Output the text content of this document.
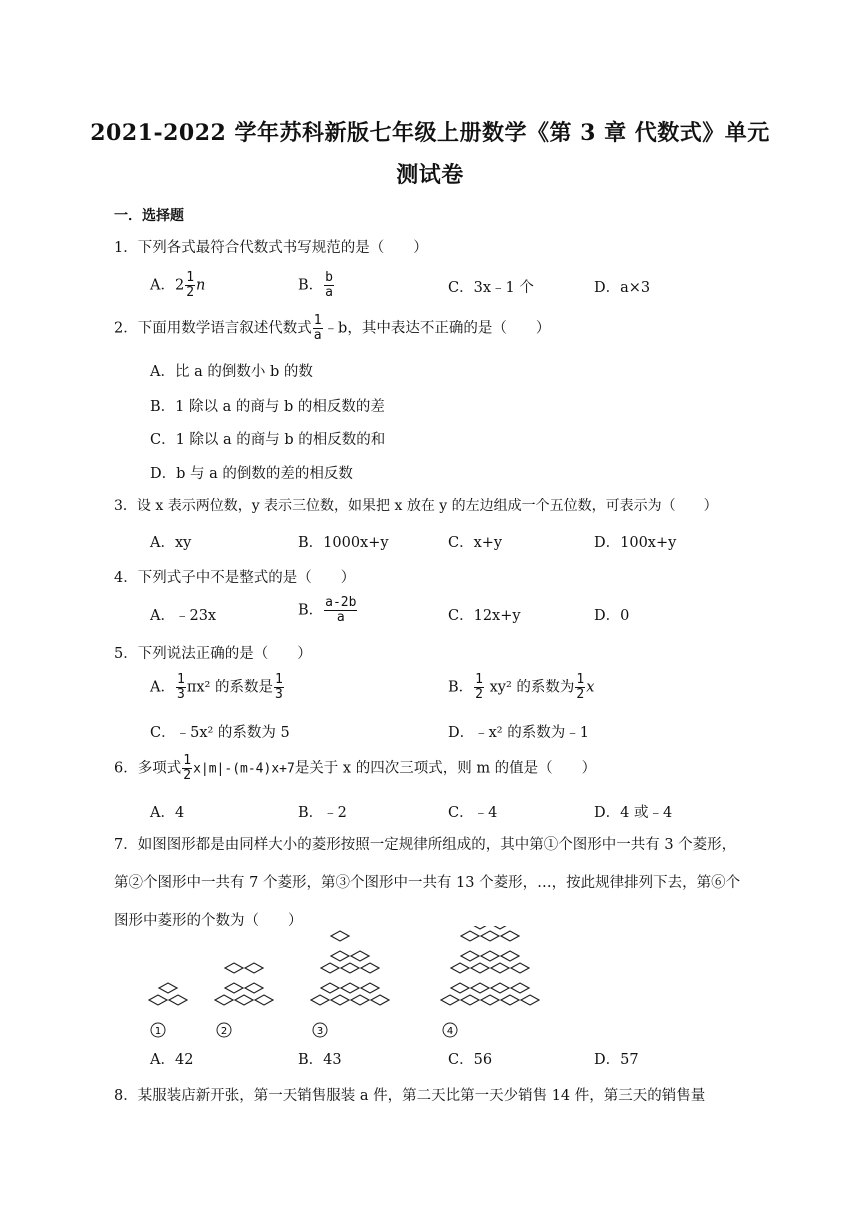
2021-2022 学年苏科新版七年级上册数学《第 3 章 代数式》单元
测试卷
一．选择题
1．下列各式最符合代数式书写规范的是（　　）
A．$2 \frac{1}{2}$ n	B． $\frac{b}{a}$	C．3x﹣1 个	D．a×3
2．下面用数学语言叙述代数式 $\frac{1}{a}$ ﹣b，其中表达不正确的是（　　）
A．比 a 的倒数小 b 的数
B．1 除以 a 的商与 b 的相反数的差
C．1 除以 a 的商与 b 的相反数的和
D．b 与 a 的倒数的差的相反数
3．设 x 表示两位数，y 表示三位数，如果把 x 放在 y 的左边组成一个五位数，可表示为（　　）
A．xy	B．1000x+y	C．x+y	D．100x+y
4．下列式子中不是整式的是（　　）
A．﹣23x	B． $\frac{a-2b}{a}$	C．12x+y	D．0
5．下列说法正确的是（　　）
A． $\frac{1}{3} \pi x^2$ 的系数是 $\frac{1}{3}$	B． $\frac{1}{2} xy^2$ 的系数为 $\frac{1}{2}$ x
C．﹣5x² 的系数为 5	D．﹣x² 的系数为﹣1
6．多项式 $\frac{1}{2} x|m|-(m-4)x+7$是关于 x 的四次三项式，则 m 的值是（　　）
A．4	B．﹣2	C．﹣4	D．4 或﹣4
7．如图图形都是由同样大小的菱形按照一定规律所组成的，其中第①个图形中一共有 3 个菱形，第②个图形中一共有 7 个菱形，第③个图形中一共有 13 个菱形，…，按此规律排列下去，第⑥个图形中菱形的个数为（　　）
1	2	3	4
A．42	B．43	C．56	D．57
8．某服装店新开张，第一天销售服装 a 件，第二天比第一天少销售 14 件，第三天的销售量
